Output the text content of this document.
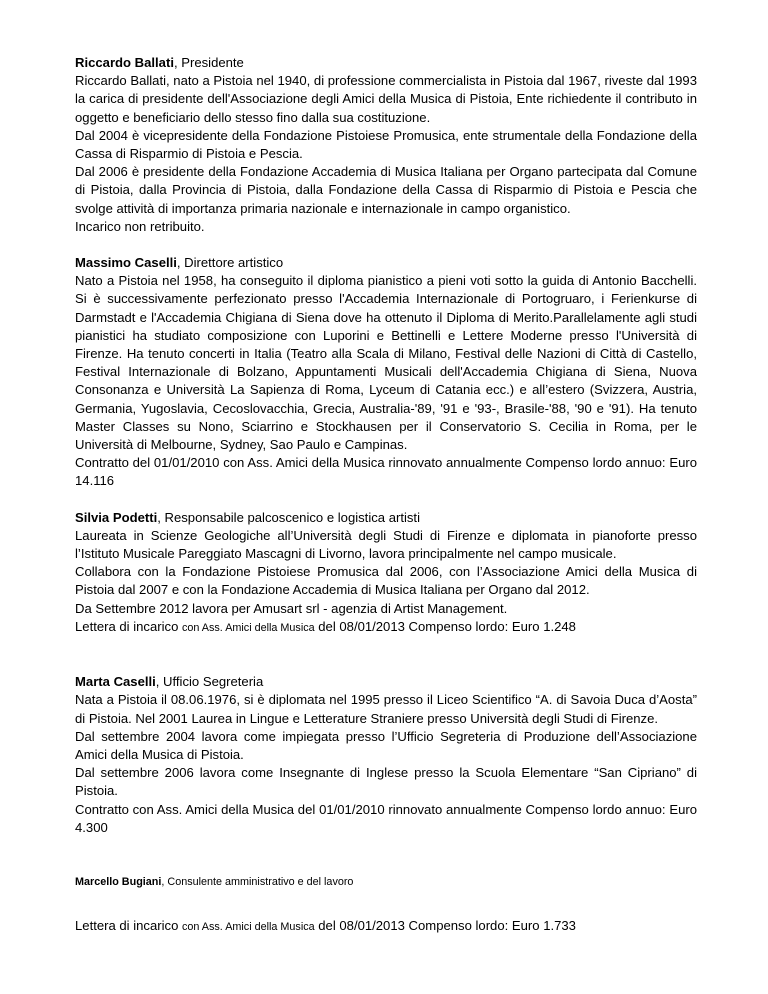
Riccardo Ballati, Presidente

Riccardo Ballati, nato a Pistoia nel 1940, di professione commercialista in Pistoia dal 1967, riveste dal 1993 la carica di presidente dell'Associazione degli Amici della Musica di Pistoia, Ente richiedente il contributo in oggetto e beneficiario dello stesso fino dalla sua costituzione.

Dal 2004 è vicepresidente della Fondazione Pistoiese Promusica, ente strumentale della Fondazione della Cassa di Risparmio di Pistoia e Pescia.

Dal 2006 è presidente della Fondazione Accademia di Musica Italiana per Organo partecipata dal Comune di Pistoia, dalla Provincia di Pistoia, dalla Fondazione della Cassa di Risparmio di Pistoia e Pescia che svolge attività di importanza primaria nazionale e internazionale in campo organistico.

Incarico non retribuito.

Massimo Caselli, Direttore artistico

Nato a Pistoia nel 1958, ha conseguito il diploma pianistico a pieni voti sotto la guida di Antonio Bacchelli. Si è successivamente perfezionato presso l'Accademia Internazionale di Portogruaro, i Ferienkurse di Darmstadt e l'Accademia Chigiana di Siena dove ha ottenuto il Diploma di Merito.Parallelamente agli studi pianistici ha studiato composizione con Luporini e Bettinelli e Lettere Moderne presso l'Università di Firenze. Ha tenuto concerti in Italia (Teatro alla Scala di Milano, Festival delle Nazioni di Città di Castello, Festival Internazionale di Bolzano, Appuntamenti Musicali dell'Accademia Chigiana di Siena, Nuova Consonanza e Università La Sapienza di Roma, Lyceum di Catania ecc.) e all’estero (Svizzera, Austria, Germania, Yugoslavia, Cecoslovacchia, Grecia, Australia-'89, '91 e '93-, Brasile-'88, '90 e '91). Ha tenuto Master Classes su Nono, Sciarrino e Stockhausen per il Conservatorio S. Cecilia in Roma, per le Università di Melbourne, Sydney, Sao Paulo e Campinas.

Contratto del 01/01/2010 con Ass. Amici della Musica rinnovato annualmente Compenso lordo annuo: Euro 14.116

Silvia Podetti, Responsabile palcoscenico e logistica artisti

Laureata in Scienze Geologiche all’Università degli Studi di Firenze e diplomata in pianoforte presso l’Istituto Musicale Pareggiato Mascagni di Livorno, lavora principalmente nel campo musicale.

Collabora con la Fondazione Pistoiese Promusica dal 2006, con l’Associazione Amici della Musica di Pistoia dal 2007 e con la Fondazione Accademia di Musica Italiana per Organo dal 2012.

Da Settembre 2012 lavora per Amusart srl - agenzia di Artist Management.

Lettera di incarico con Ass. Amici della Musica del 08/01/2013 Compenso lordo: Euro 1.248

Marta Caselli, Ufficio Segreteria

Nata a Pistoia il 08.06.1976, si è diplomata nel 1995 presso il Liceo Scientifico “A. di Savoia Duca d’Aosta” di Pistoia. Nel 2001 Laurea in Lingue e Letterature Straniere presso Università degli Studi di Firenze.

Dal settembre 2004 lavora come impiegata presso l’Ufficio Segreteria di Produzione dell’Associazione Amici della Musica di Pistoia.

Dal settembre 2006 lavora come Insegnante di Inglese presso la Scuola Elementare “San Cipriano” di Pistoia.

Contratto con Ass. Amici della Musica del 01/01/2010 rinnovato annualmente Compenso lordo annuo: Euro 4.300

Marcello Bugiani, Consulente amministrativo e del lavoro

Lettera di incarico con Ass. Amici della Musica del 08/01/2013 Compenso lordo: Euro 1.733
